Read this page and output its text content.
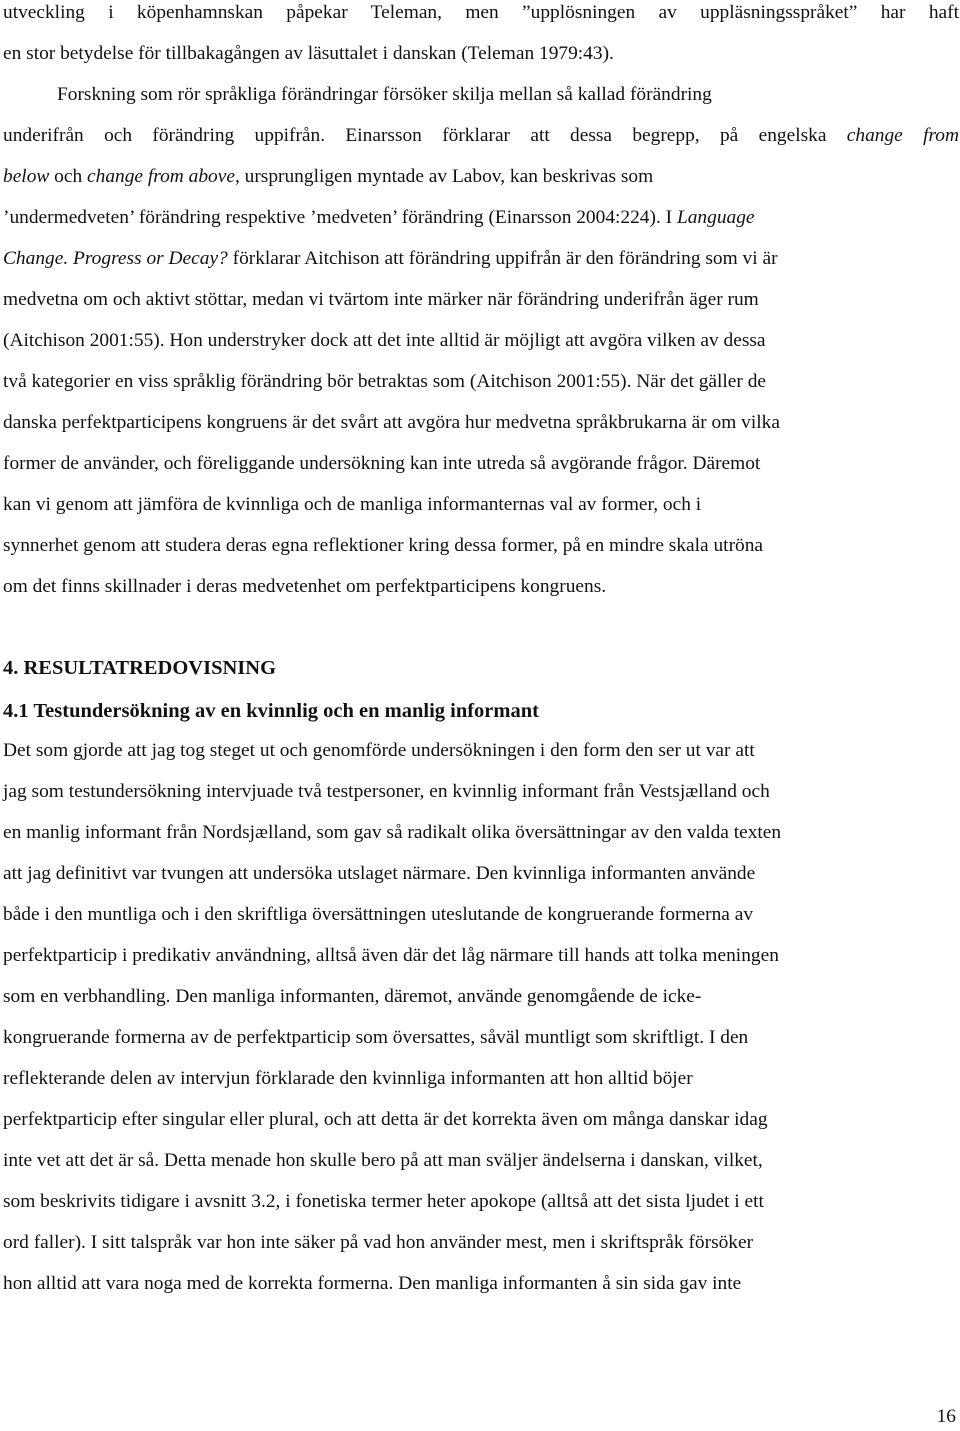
utveckling i köpenhamnskan påpekar Teleman, men ”upplösningen av uppläsningsspråket” har haft
en stor betydelse för tillbakagången av läsuttalet i danskan (Teleman 1979:43).
Forskning som rör språkliga förändringar försöker skilja mellan så kallad förändring
underifrån och förändring uppifrån. Einarsson förklarar att dessa begrepp, på engelska change from
below och change from above, ursprungligen myntade av Labov, kan beskrivas som
’undermedveten’ förändring respektive ’medveten’ förändring (Einarsson 2004:224). I Language
Change. Progress or Decay? förklarar Aitchison att förändring uppifrån är den förändring som vi är
medvetna om och aktivt stöttar, medan vi tvärtom inte märker när förändring underifrån äger rum
(Aitchison 2001:55). Hon understryker dock att det inte alltid är möjligt att avgöra vilken av dessa
två kategorier en viss språklig förändring bör betraktas som (Aitchison 2001:55). När det gäller de
danska perfektparticipens kongruens är det svårt att avgöra hur medvetna språkbrukarna är om vilka
former de använder, och föreliggande undersökning kan inte utreda så avgörande frågor. Däremot
kan vi genom att jämföra de kvinnliga och de manliga informanternas val av former, och i
synnerhet genom att studera deras egna reflektioner kring dessa former, på en mindre skala utröna
om det finns skillnader i deras medvetenhet om perfektparticipens kongruens.
4. RESULTATREDOVISNING
4.1 Testundersökning av en kvinnlig och en manlig informant
Det som gjorde att jag tog steget ut och genomförde undersökningen i den form den ser ut var att
jag som testundersökning intervjuade två testpersoner, en kvinnlig informant från Vestsjælland och
en manlig informant från Nordsjælland, som gav så radikalt olika översättningar av den valda texten
att jag definitivt var tvungen att undersöka utslaget närmare. Den kvinnliga informanten använde
både i den muntliga och i den skriftliga översättningen uteslutande de kongruerande formerna av
perfektparticip i predikativ användning, alltså även där det låg närmare till hands att tolka meningen
som en verbhandling. Den manliga informanten, däremot, använde genomgående de icke-
kongruerande formerna av de perfektparticip som översattes, såväl muntligt som skriftligt. I den
reflekterande delen av intervjun förklarade den kvinnliga informanten att hon alltid böjer
perfektparticip efter singular eller plural, och att detta är det korrekta även om många danskar idag
inte vet att det är så. Detta menade hon skulle bero på att man sväljer ändelserna i danskan, vilket,
som beskrivits tidigare i avsnitt 3.2, i fonetiska termer heter apokope (alltså att det sista ljudet i ett
ord faller). I sitt talspråk var hon inte säker på vad hon använder mest, men i skriftspråk försöker
hon alltid att vara noga med de korrekta formerna. Den manliga informanten å sin sida gav inte
16
